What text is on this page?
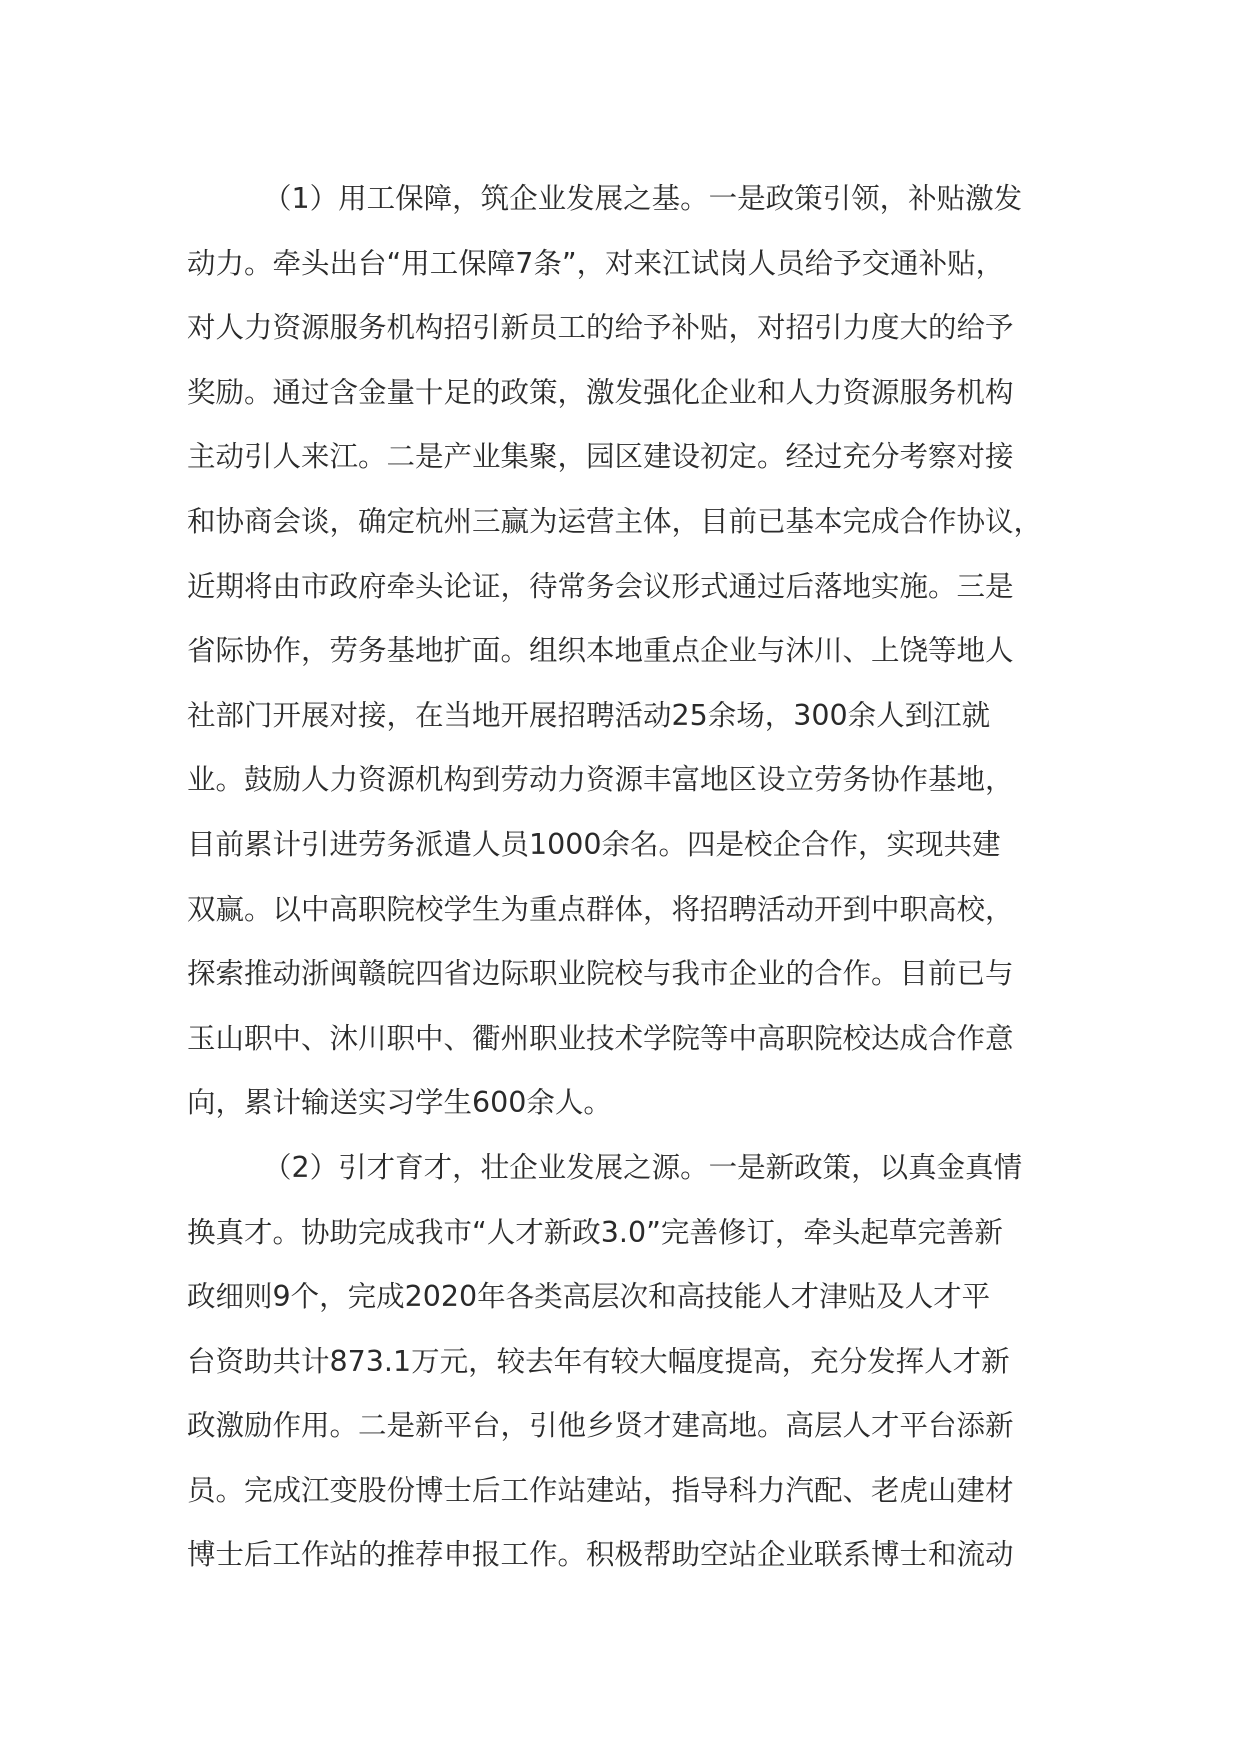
（1）用工保障，筑企业发展之基。一是政策引领，补贴激发
动力。牵头出台“用工保障7条”，对来江试岗人员给予交通补贴，
对人力资源服务机构招引新员工的给予补贴，对招引力度大的给予
奖励。通过含金量十足的政策，激发强化企业和人力资源服务机构
主动引人来江。二是产业集聚，园区建设初定。经过充分考察对接
和协商会谈，确定杭州三赢为运营主体，目前已基本完成合作协议，
近期将由市政府牵头论证，待常务会议形式通过后落地实施。三是
省际协作，劳务基地扩面。组织本地重点企业与沐川、上饶等地人
社部门开展对接，在当地开展招聘活动25余场，300余人到江就
业。鼓励人力资源机构到劳动力资源丰富地区设立劳务协作基地，
目前累计引进劳务派遣人员1000余名。四是校企合作，实现共建
双赢。以中高职院校学生为重点群体，将招聘活动开到中职高校，
探索推动浙闽赣皖四省边际职业院校与我市企业的合作。目前已与
玉山职中、沐川职中、衢州职业技术学院等中高职院校达成合作意
向，累计输送实习学生600余人。
（2）引才育才，壮企业发展之源。一是新政策，以真金真情
换真才。协助完成我市“人才新政3.0”完善修订，牵头起草完善新
政细则9个，完成2020年各类高层次和高技能人才津贴及人才平
台资助共计873.1万元，较去年有较大幅度提高，充分发挥人才新
政激励作用。二是新平台，引他乡贤才建高地。高层人才平台添新
员。完成江变股份博士后工作站建站，指导科力汽配、老虎山建材
博士后工作站的推荐申报工作。积极帮助空站企业联系博士和流动
